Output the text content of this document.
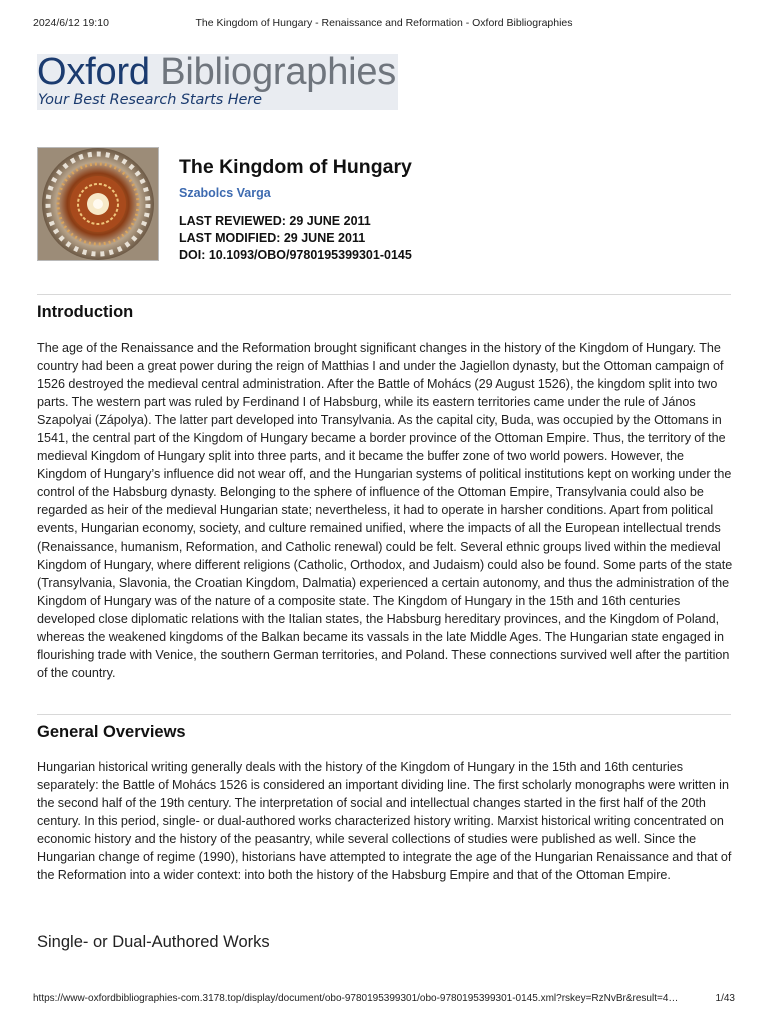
2024/6/12 19:10	The Kingdom of Hungary - Renaissance and Reformation - Oxford Bibliographies
Oxford Bibliographies
Your Best Research Starts Here
The Kingdom of Hungary
Szabolcs Varga
LAST REVIEWED: 29 JUNE 2011
LAST MODIFIED: 29 JUNE 2011
DOI: 10.1093/OBO/9780195399301-0145
Introduction
The age of the Renaissance and the Reformation brought significant changes in the history of the Kingdom of Hungary. The country had been a great power during the reign of Matthias I and under the Jagiellon dynasty, but the Ottoman campaign of 1526 destroyed the medieval central administration. After the Battle of Mohács (29 August 1526), the kingdom split into two parts. The western part was ruled by Ferdinand I of Habsburg, while its eastern territories came under the rule of János Szapolyai (Zápolya). The latter part developed into Transylvania. As the capital city, Buda, was occupied by the Ottomans in 1541, the central part of the Kingdom of Hungary became a border province of the Ottoman Empire. Thus, the territory of the medieval Kingdom of Hungary split into three parts, and it became the buffer zone of two world powers. However, the Kingdom of Hungary’s influence did not wear off, and the Hungarian systems of political institutions kept on working under the control of the Habsburg dynasty. Belonging to the sphere of influence of the Ottoman Empire, Transylvania could also be regarded as heir of the medieval Hungarian state; nevertheless, it had to operate in harsher conditions. Apart from political events, Hungarian economy, society, and culture remained unified, where the impacts of all the European intellectual trends (Renaissance, humanism, Reformation, and Catholic renewal) could be felt. Several ethnic groups lived within the medieval Kingdom of Hungary, where different religions (Catholic, Orthodox, and Judaism) could also be found. Some parts of the state (Transylvania, Slavonia, the Croatian Kingdom, Dalmatia) experienced a certain autonomy, and thus the administration of the Kingdom of Hungary was of the nature of a composite state. The Kingdom of Hungary in the 15th and 16th centuries developed close diplomatic relations with the Italian states, the Habsburg hereditary provinces, and the Kingdom of Poland, whereas the weakened kingdoms of the Balkan became its vassals in the late Middle Ages. The Hungarian state engaged in flourishing trade with Venice, the southern German territories, and Poland. These connections survived well after the partition of the country.
General Overviews
Hungarian historical writing generally deals with the history of the Kingdom of Hungary in the 15th and 16th centuries separately: the Battle of Mohács 1526 is considered an important dividing line. The first scholarly monographs were written in the second half of the 19th century. The interpretation of social and intellectual changes started in the first half of the 20th century. In this period, single- or dual-authored works characterized history writing. Marxist historical writing concentrated on economic history and the history of the peasantry, while several collections of studies were published as well. Since the Hungarian change of regime (1990), historians have attempted to integrate the age of the Hungarian Renaissance and that of the Reformation into a wider context: into both the history of the Habsburg Empire and that of the Ottoman Empire.
Single- or Dual-Authored Works
https://www-oxfordbibliographies-com.3178.top/display/document/obo-9780195399301/obo-9780195399301-0145.xml?rskey=RzNvBr&result=4…	1/43
